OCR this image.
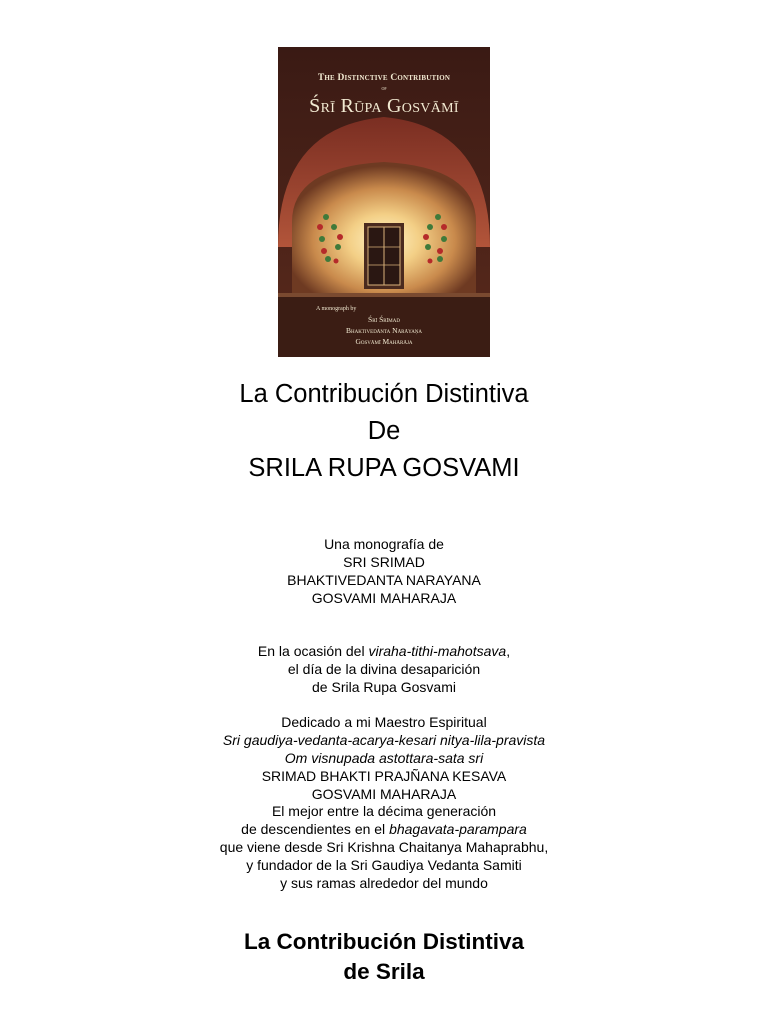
The Distinctive Contribution
of
Śrī Rūpa Gosvāmī
A monograph by
Śrī Śrīmad
Bhaktivedānta Nārāyaṇa
Gosvāmī Mahārāja
La Contribución Distintiva
De
SRILA RUPA GOSVAMI
Una monografía de
SRI SRIMAD
BHAKTIVEDANTA NARAYANA
GOSVAMI MAHARAJA
En la ocasión del viraha-tithi-mahotsava,
el día de la divina desaparición
de Srila Rupa Gosvami
Dedicado a mi Maestro Espiritual
Sri gaudiya-vedanta-acarya-kesari nitya-lila-pravista
Om visnupada astottara-sata sri
SRIMAD BHAKTI PRAJÑANA KESAVA
GOSVAMI MAHARAJA
El mejor entre la décima generación
de descendientes en el bhagavata-parampara
que viene desde Sri Krishna Chaitanya Mahaprabhu,
y fundador de la Sri Gaudiya Vedanta Samiti
y sus ramas alrededor del mundo
La Contribución Distintiva
de Srila
